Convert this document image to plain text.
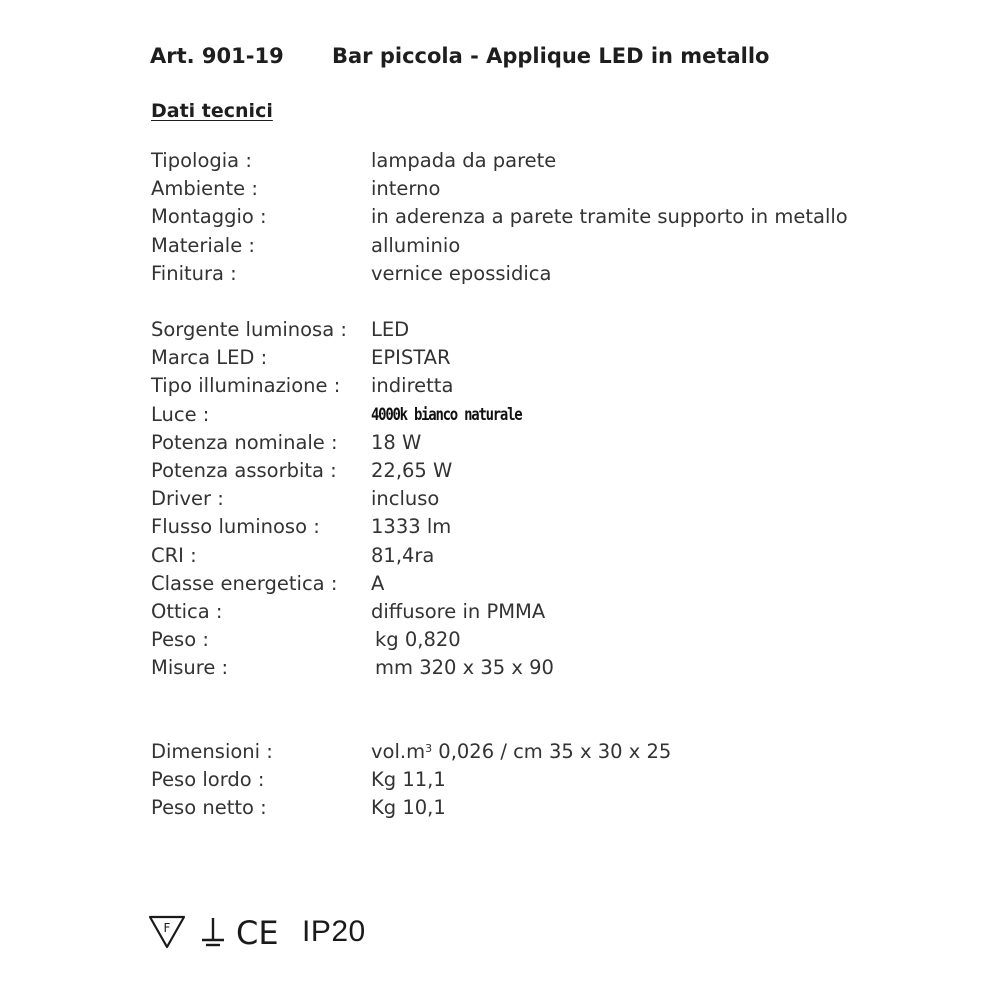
Art. 901-19 Bar piccola - Applique LED in metallo
Dati tecnici
Tipologia :	lampada da parete
Ambiente :	interno
Montaggio :	in aderenza a parete tramite supporto in metallo
Materiale :	alluminio
Finitura :	vernice epossidica
Sorgente luminosa : LED
Marca LED :	EPISTAR
Tipo illuminazione : indiretta
Luce :	4000k bianco naturale
Potenza nominale : 18 W
Potenza assorbita : 22,65 W
Driver :	incluso
Flusso luminoso :	1333 lm
CRI :	81,4ra
Classe energetica : A
Ottica :	diffusore in PMMA
Peso :	kg 0,820
Misure :	mm 320 x 35 x 90
Dimensioni :	$vol.m^3$ 0,026 / cm 35 x 30 x 25
Peso lordo :	Kg 11,1
Peso netto :	Kg 10,1
F CE IP20
